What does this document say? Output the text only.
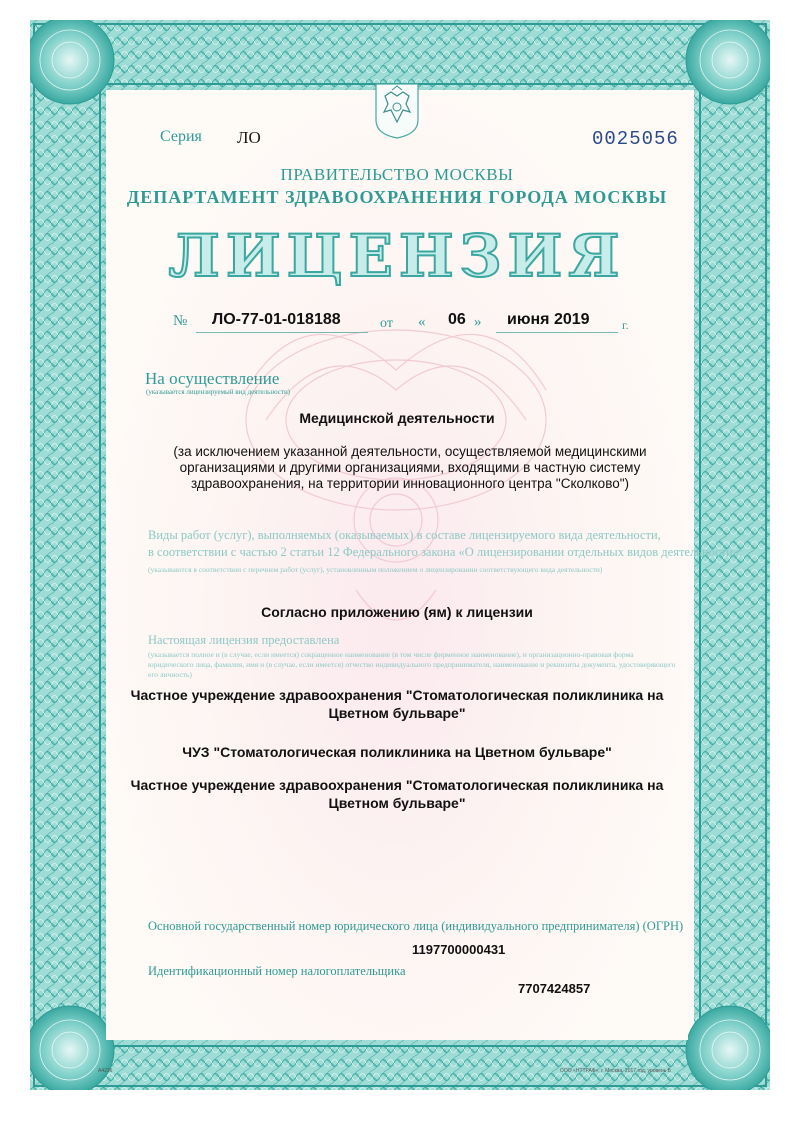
Серия ЛО	0025056
ПРАВИТЕЛЬСТВО МОСКВЫ
ДЕПАРТАМЕНТ ЗДРАВООХРАНЕНИЯ ГОРОДА МОСКВЫ
ЛИЦЕНЗИЯ
№ ЛО-77-01-018188	от « 06 » июня 2019	г.
На осуществление
(указывается лицензируемый вид деятельности)
Медицинской деятельности
(за исключением указанной деятельности, осуществляемой медицинскими организациями и другими организациями, входящими в частную систему здравоохранения, на территории инновационного центра "Сколково")
Виды работ (услуг), выполняемых (оказываемых) в составе лицензируемого вида деятельности,
в соответствии с частью 2 статьи 12 Федерального закона «О лицензировании отдельных видов деятельности»:
(указываются в соответствии с перечнем работ (услуг), установленным положением о лицензировании соответствующего вида деятельности)
Согласно приложению (ям) к лицензии
Настоящая лицензия предоставлена
(указывается полное и (в случае, если имеется) сокращенное наименование (в том числе фирменное наименование), и организационно-правовая форма юридического лица, фамилия, имя и (в случае, если имеется) отчество индивидуального предпринимателя, наименование и реквизиты документа, удостоверяющего его личность)
Частное учреждение здравоохранения "Стоматологическая поликлиника на Цветном бульваре"
ЧУЗ "Стоматологическая поликлиника на Цветном бульваре"
Частное учреждение здравоохранения "Стоматологическая поликлиника на Цветном бульваре"
Основной государственный номер юридического лица (индивидуального предпринимателя) (ОГРН)
1197700000431
Идентификационный номер налогоплательщика
7707424857
А4236	ООО «НТТРАФ», г. Москва, 2017 год, уровень Б
